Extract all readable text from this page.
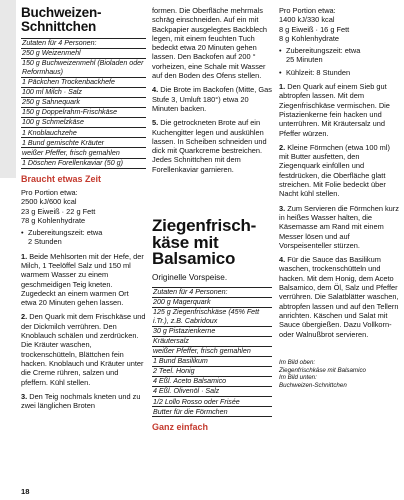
Buchweizen-
Schnittchen
Zutaten für 4 Personen:
250 g Weizenmehl
150 g Buchweizenmehl (Bioladen oder Reformhaus)
1 Päckchen Trockenbackhefe
100 ml Milch · Salz
250 g Sahnequark
150 g Doppelrahm-Frischkäse
100 g Schmelzkäse
1 Knoblauchzehe
1 Bund gemischte Kräuter
weißer Pfeffer, frisch gemahlen
1 Döschen Forellenkaviar (50 g)
Braucht etwas Zeit
Pro Portion etwa:
2500 kJ/600 kcal
23 g Eiweiß · 22 g Fett
78 g Kohlenhydrate
• Zubereitungszeit: etwa
2 Stunden
1. Beide Mehlsorten mit der Hefe, der Milch, 1 Teelöffel Salz und 150 ml warmem Wasser zu einem geschmeidigen Teig kneten. Zugedeckt an einem warmen Ort etwa 20 Minuten gehen lassen.
2. Den Quark mit dem Frischkäse und der Dickmilch verrühren. Den Knoblauch schälen und zerdrücken. Die Kräuter waschen, trockenschütteln, Blättchen fein hacken. Knoblauch und Kräuter unter die Creme rühren, salzen und pfeffern. Kühl stellen.
3. Den Teig nochmals kneten und zu zwei länglichen Broten
formen. Die Oberfläche mehrmals schräg einschneiden. Auf ein mit Backpapier ausgelegtes Backblech legen, mit einem feuchten Tuch bedeckt etwa 20 Minuten gehen lassen. Den Backofen auf 200 ° vorheizen, eine Schale mit Wasser auf den Boden des Ofens stellen.
4. Die Brote im Backofen (Mitte, Gas Stufe 3, Umluft 180°) etwa 20 Minuten backen.
5. Die getrockneten Brote auf ein Kuchengitter legen und auskühlen lassen. In Scheiben schneiden und dick mit Quarkcreme bestreichen. Jedes Schnittchen mit dem Forellenkaviar garnieren.
Ziegenfrisch-
käse mit
Balsamico
Originelle Vorspeise.
Zutaten für 4 Personen:
200 g Magerquark
125 g Ziegenfrischkäse (45% Fett i.Tr.), z.B. Cabridoux
30 g Pistazienkerne
Kräutersalz
weißer Pfeffer, frisch gemahlen
1 Bund Basilikum
2 Teel. Honig
4 Eßl. Aceto Balsamico
4 Eßl. Olivenöl · Salz
1/2 Lollo Rosso oder Frisée
Butter für die Förmchen
Ganz einfach
Pro Portion etwa:
1400 kJ/330 kcal
8 g Eiweiß · 16 g Fett
8 g Kohlenhydrate
• Zubereitungszeit: etwa
25 Minuten
• Kühlzeit: 8 Stunden
1. Den Quark auf einem Sieb gut abtropfen lassen. Mit dem Ziegenfrischkäse vermischen. Die Pistazienkerne fein hacken und unterrühren. Mit Kräutersalz und Pfeffer würzen.
2. Kleine Förmchen (etwa 100 ml) mit Butter ausfetten, den Ziegenquark einfüllen und festdrücken, die Oberfläche glatt streichen. Mit Folie bedeckt über Nacht kühl stellen.
3. Zum Servieren die Förmchen kurz in heißes Wasser halten, die Käsemasse am Rand mit einem Messer lösen und auf Vorspeisenteller stürzen.
4. Für die Sauce das Basilikum waschen, trockenschütteln und hacken. Mit dem Honig, dem Aceto Balsamico, dem Öl, Salz und Pfeffer verrühren. Die Salatblätter waschen, abtropfen lassen und auf den Tellern anrichten. Käschen und Salat mit Sauce übergießen. Dazu Vollkorn- oder Walnußbrot servieren.
Im Bild oben:
Ziegenfrischkäse mit Balsamico
Im Bild unten:
Buchweizen-Schnittchen
18
